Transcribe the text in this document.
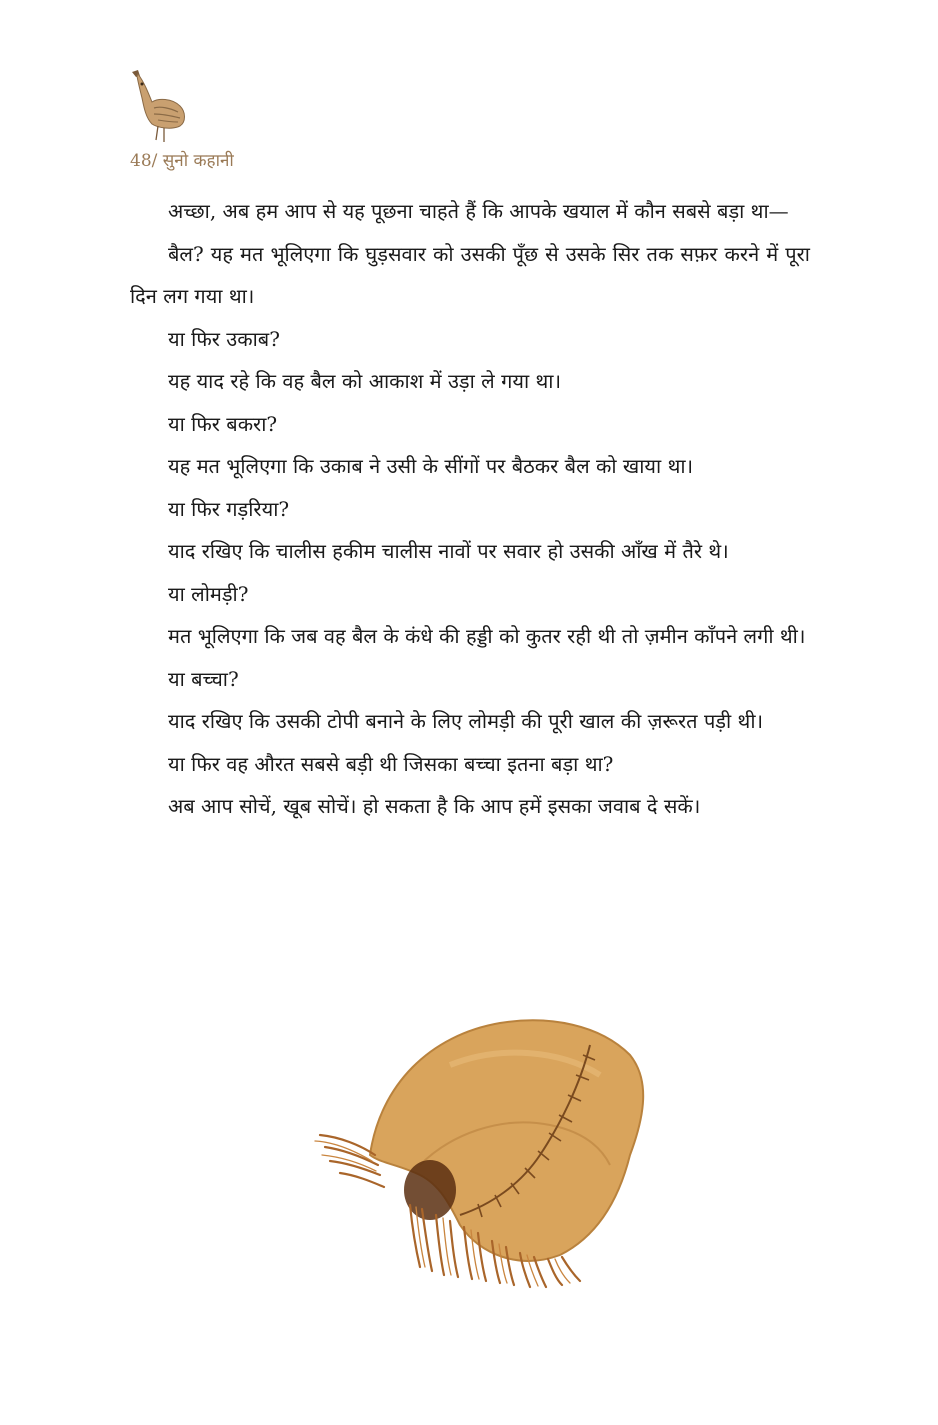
48/ सुनो कहानी

अच्छा, अब हम आप से यह पूछना चाहते हैं कि आपके खयाल में कौन सबसे बड़ा था—

बैल? यह मत भूलिएगा कि घुड़सवार को उसकी पूँछ से उसके सिर तक सफ़र करने में पूरा दिन लग गया था।

या फिर उकाब?

यह याद रहे कि वह बैल को आकाश में उड़ा ले गया था।

या फिर बकरा?

यह मत भूलिएगा कि उकाब ने उसी के सींगों पर बैठकर बैल को खाया था।

या फिर गड़रिया?

याद रखिए कि चालीस हकीम चालीस नावों पर सवार हो उसकी आँख में तैरे थे।

या लोमड़ी?

मत भूलिएगा कि जब वह बैल के कंधे की हड्डी को कुतर रही थी तो ज़मीन काँपने लगी थी।

या बच्चा?

याद रखिए कि उसकी टोपी बनाने के लिए लोमड़ी की पूरी खाल की ज़रूरत पड़ी थी।

या फिर वह औरत सबसे बड़ी थी जिसका बच्चा इतना बड़ा था?

अब आप सोचें, खूब सोचें। हो सकता है कि आप हमें इसका जवाब दे सकें।
